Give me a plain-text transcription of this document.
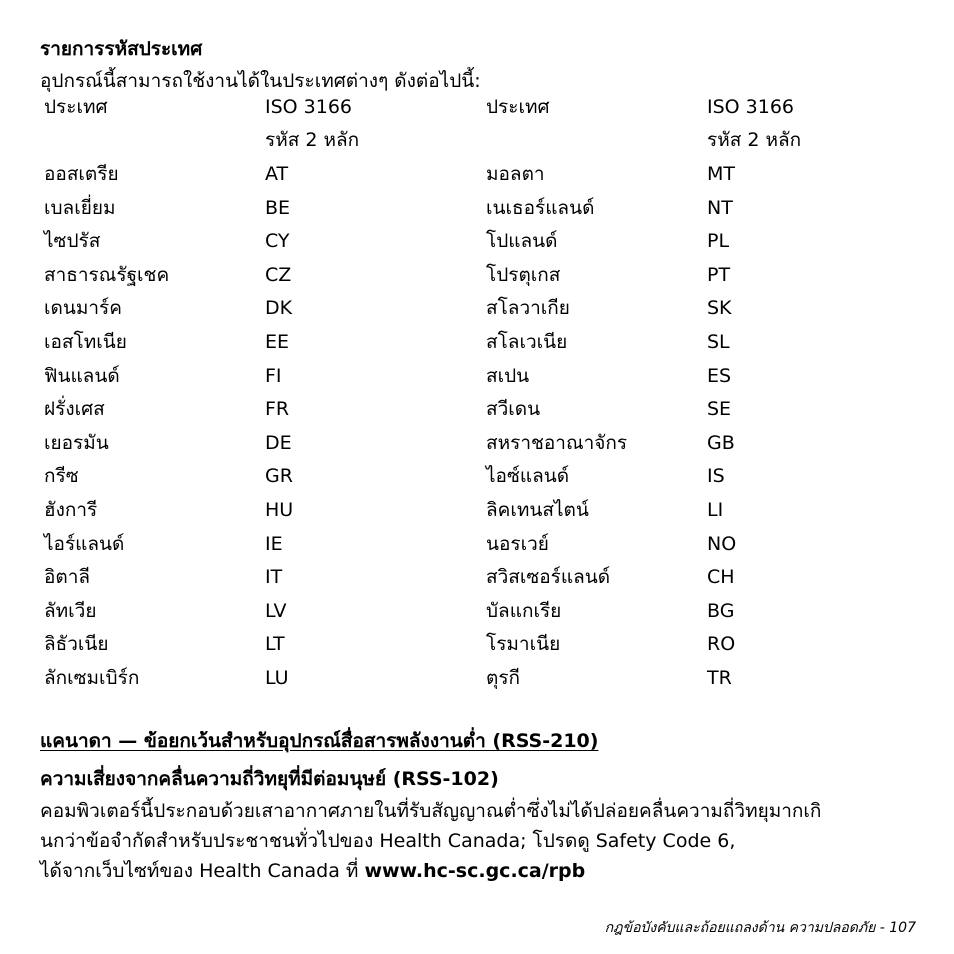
รายการรหัสประเทศ
อุปกรณ์นี้สามารถใช้งานได้ในประเทศต่างๆ ดังต่อไปนี้:
ประเทศ	ISO 3166	ประเทศ	ISO 3166
	รหัส 2 หลัก		รหัส 2 หลัก
ออสเตรีย	AT	มอลตา	MT
เบลเยี่ยม	BE	เนเธอร์แลนด์	NT
ไซปรัส	CY	โปแลนด์	PL
สาธารณรัฐเชค	CZ	โปรตุเกส	PT
เดนมาร์ค	DK	สโลวาเกีย	SK
เอสโทเนีย	EE	สโลเวเนีย	SL
ฟินแลนด์	FI	สเปน	ES
ฝรั่งเศส	FR	สวีเดน	SE
เยอรมัน	DE	สหราชอาณาจักร	GB
กรีซ	GR	ไอซ์แลนด์	IS
ฮังการี	HU	ลิคเทนสไตน์	LI
ไอร์แลนด์	IE	นอรเวย์	NO
อิตาลี	IT	สวิสเซอร์แลนด์	CH
ลัทเวีย	LV	บัลแกเรีย	BG
ลิธัวเนีย	LT	โรมาเนีย	RO
ลักเซมเบิร์ก	LU	ตุรกี	TR
แคนาดา — ข้อยกเว้นสำหรับอุปกรณ์สื่อสารพลังงานต่ำ (RSS-210)
ความเสี่ยงจากคลื่นความถี่วิทยุที่มีต่อมนุษย์ (RSS-102)
คอมพิวเตอร์นี้ประกอบด้วยเสาอากาศภายในที่รับสัญญาณต่ำซึ่งไม่ได้ปล่อยคลื่นความถี่วิทยุมากเกิ
นกว่าข้อจำกัดสำหรับประชาชนทั่วไปของ Health Canada; โปรดดู Safety Code 6,
ได้จากเว็บไซท์ของ Health Canada ที่ www.hc-sc.gc.ca/rpb
กฎข้อบังคับและถ้อยแถลงด้าน ความปลอดภัย - 107
